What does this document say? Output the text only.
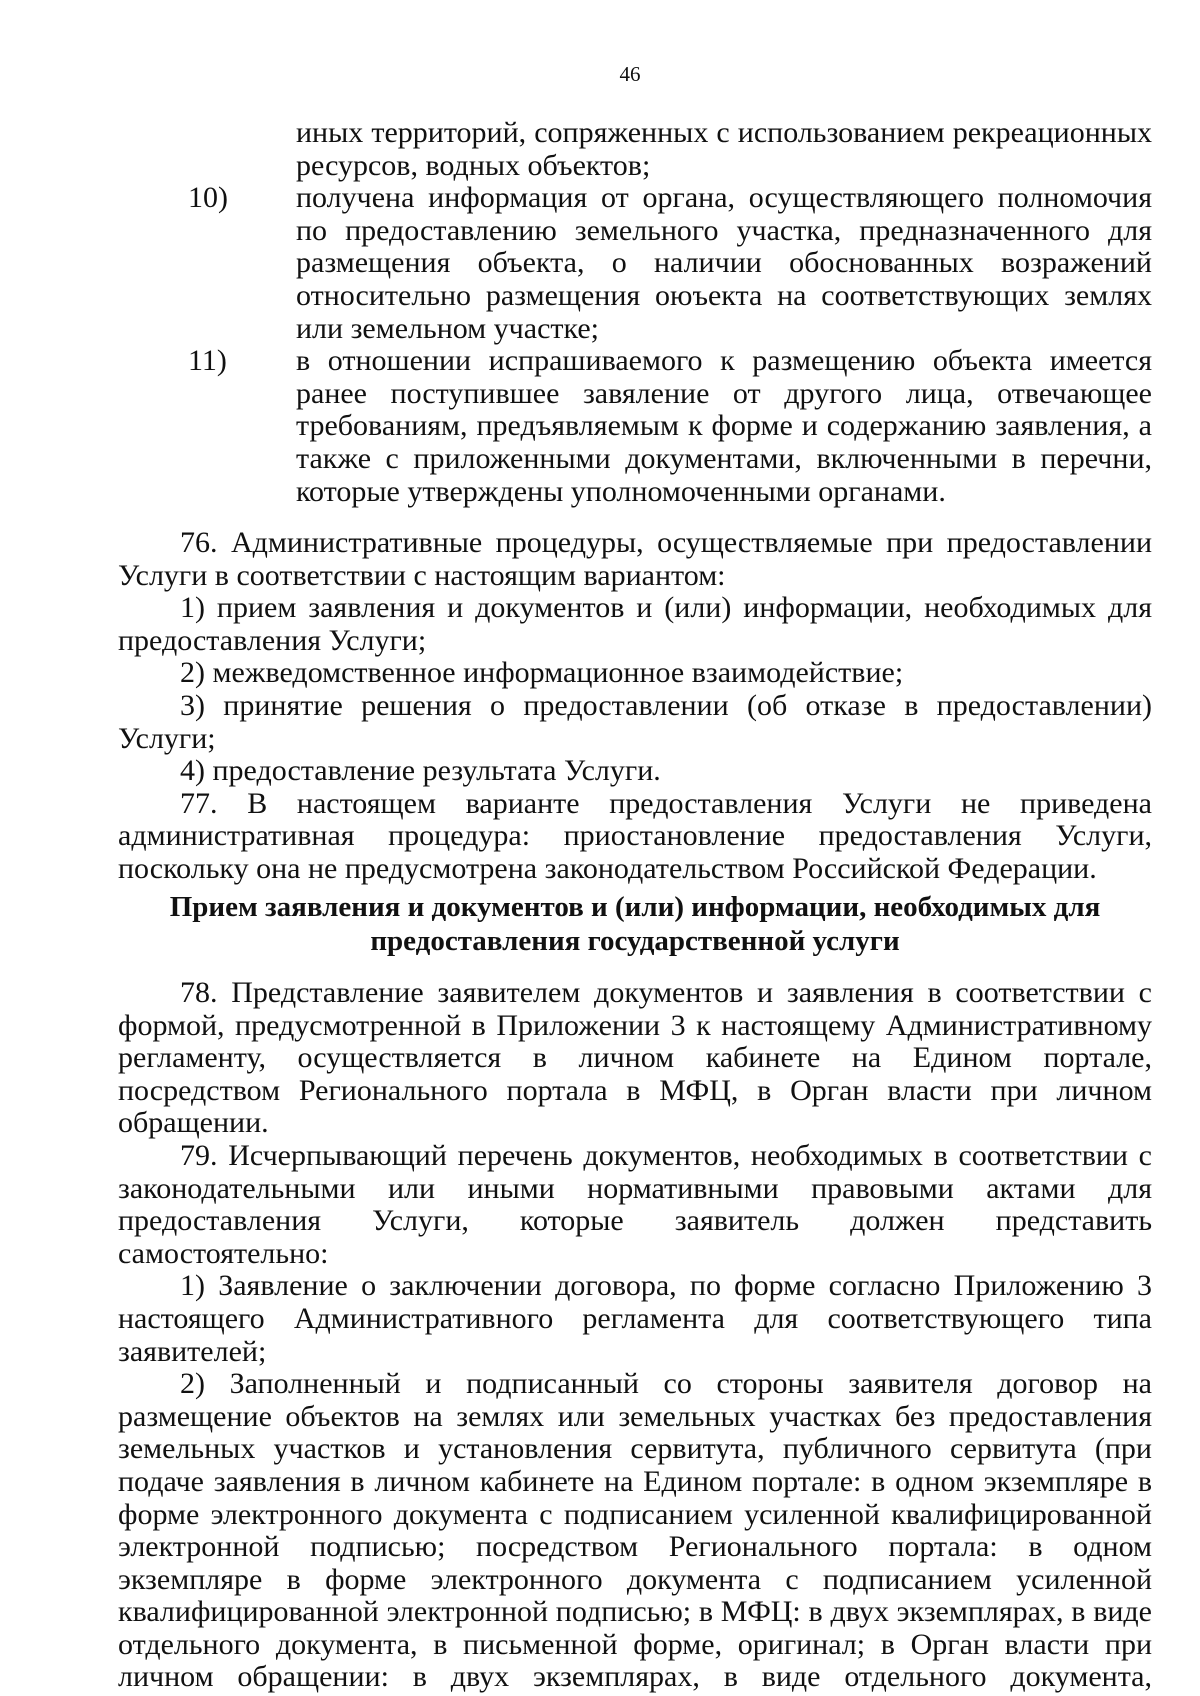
46
иных территорий, сопряженных с использованием рекреационных ресурсов, водных объектов;
10) получена информация от органа, осуществляющего полномочия по предоставлению земельного участка, предназначенного для размещения объекта, о наличии обоснованных возражений относительно размещения оюъекта на соответствующих землях или земельном участке;
11) в отношении испрашиваемого к размещению объекта имеется ранее поступившее завяление от другого лица, отвечающее требованиям, предъявляемым к форме и содержанию заявления, а также с приложенными документами, включенными в перечни, которые утверждены уполномоченными органами.

76. Административные процедуры, осуществляемые при предоставлении Услуги в соответствии с настоящим вариантом:

1) прием заявления и документов и (или) информации, необходимых для предоставления Услуги;

2) межведомственное информационное взаимодействие;

3) принятие решения о предоставлении (об отказе в предоставлении) Услуги;

4) предоставление результата Услуги.

77. В настоящем варианте предоставления Услуги не приведена административная процедура: приостановление предоставления Услуги, поскольку она не предусмотрена законодательством Российской Федерации.

Прием заявления и документов и (или) информации, необходимых для предоставления государственной услуги

78. Представление заявителем документов и заявления в соответствии с формой, предусмотренной в Приложении 3 к настоящему Административному регламенту, осуществляется в личном кабинете на Едином портале, посредством Регионального портала в МФЦ, в Орган власти при личном обращении.

79. Исчерпывающий перечень документов, необходимых в соответствии с законодательными или иными нормативными правовыми актами для предоставления Услуги, которые заявитель должен представить самостоятельно:

1) Заявление о заключении договора, по форме согласно Приложению 3 настоящего Административного регламента для соответствующего типа заявителей;

2) Заполненный и подписанный со стороны заявителя договор на размещение объектов на землях или земельных участках без предоставления земельных участков и установления сервитута, публичного сервитута (при подаче заявления в личном кабинете на Едином портале: в одном экземпляре в форме электронного документа с подписанием усиленной квалифицированной электронной подписью; посредством Регионального портала: в одном экземпляре в форме электронного документа с подписанием усиленной квалифицированной электронной подписью; в МФЦ: в двух экземплярах, в виде отдельного документа, в письменной форме, оригинал; в Орган власти при личном обращении: в двух экземплярах, в виде отдельного документа,
